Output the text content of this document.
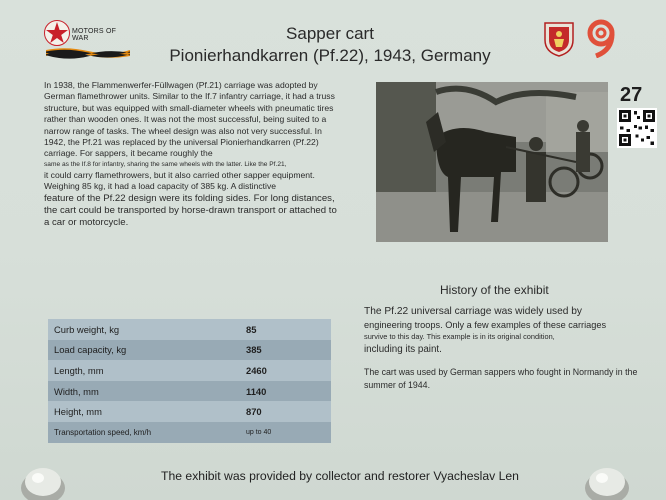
MOTORS OF WAR	Sapper cart
Pionierhandkarren (Pf.22), 1943, Germany

In 1938, the Flammenwerfer-Füllwagen (Pf.21) carriage was adopted by German flamethrower units. Similar to the If.7 infantry carriage, it had a truss structure, but was equipped with small-diameter wheels with pneumatic tires rather than wooden ones. It was not the most successful, being suited to a narrow range of tasks. The wheel design was also not very successful. In 1942, the Pf.21 was replaced by the universal Pionierhandkarren (Pf.22) carriage. For sappers, it became roughly the

same as the If.8 for infantry, sharing the same wheels with the latter. Like the Pf.21,

it could carry flamethrowers, but it also carried other sapper equipment. Weighing 85 kg, it had a load capacity of 385 kg. A distinctive

feature of the Pf.22 design were its folding sides. For long distances, the cart could be transported by horse-drawn transport or attached to a car or motorcycle.

27
History of the exhibit

The Pf.22 universal carriage was widely used by

engineering troops. Only a few examples of these carriages

survive to this day. This example is in its original condition,

including its paint.

The cart was used by German sappers who fought in Normandy in the summer of 1944.

Curb weight, kg	85
Load capacity, kg	385
Length, mm	2460
Width, mm	1140
Height, mm	870
Transportation speed, km/h	up to 40
The exhibit was provided by collector and restorer Vyacheslav Len
